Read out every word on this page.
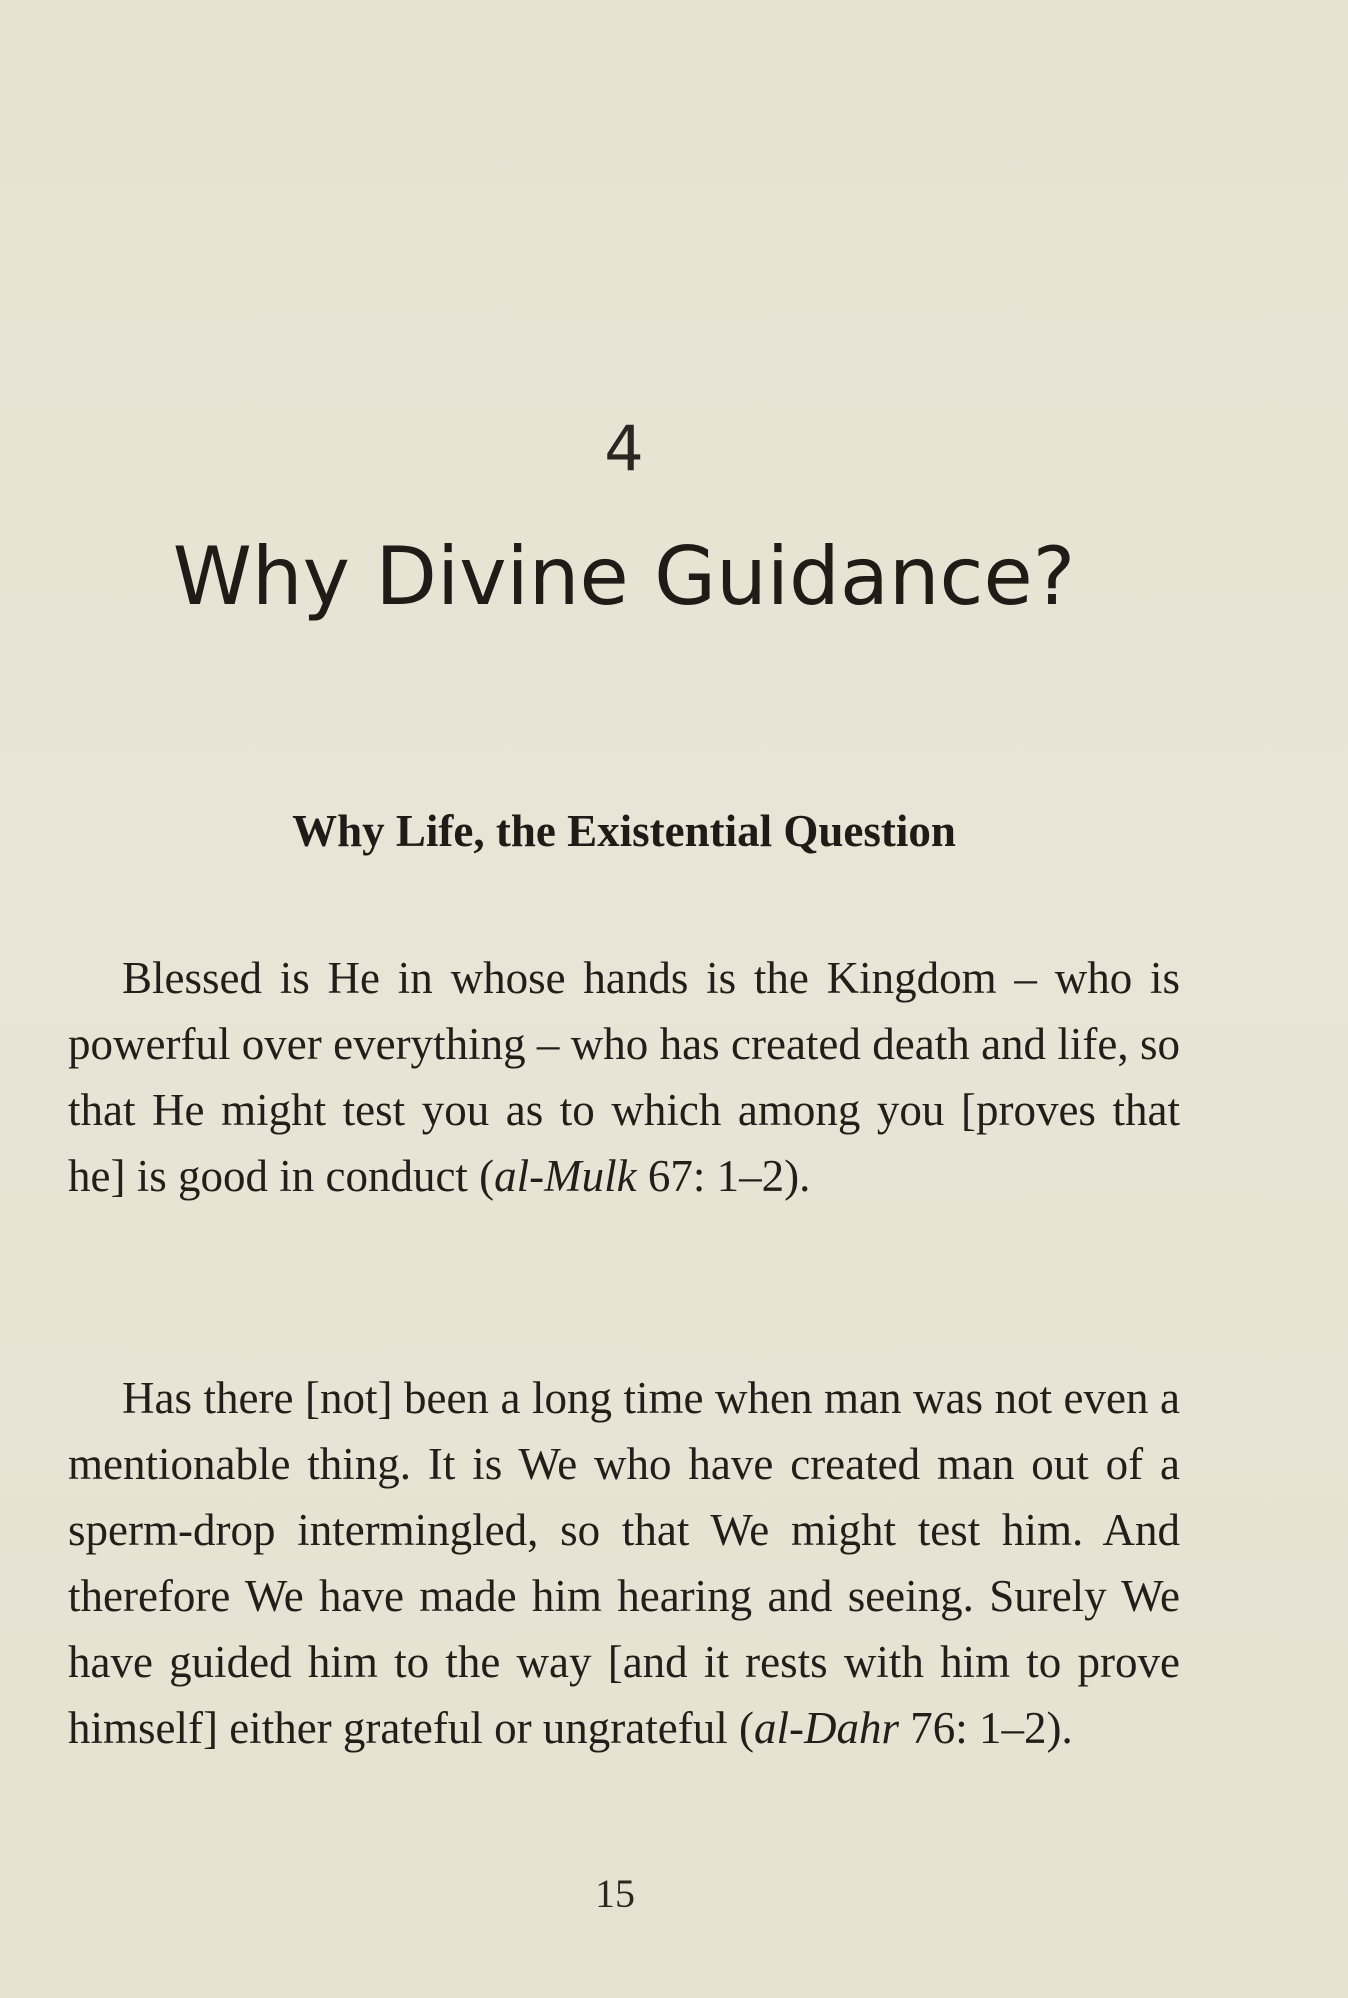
4
Why Divine Guidance?
Why Life, the Existential Question

Blessed is He in whose hands is the Kingdom – who is powerful over everything – who has created death and life, so that He might test you as to which among you [proves that he] is good in conduct (al-Mulk 67: 1–2).

Has there [not] been a long time when man was not even a mentionable thing. It is We who have created man out of a sperm-drop intermingled, so that We might test him. And therefore We have made him hearing and seeing. Surely We have guided him to the way [and it rests with him to prove himself] either grateful or ungrateful (al-Dahr 76: 1–2).

15
